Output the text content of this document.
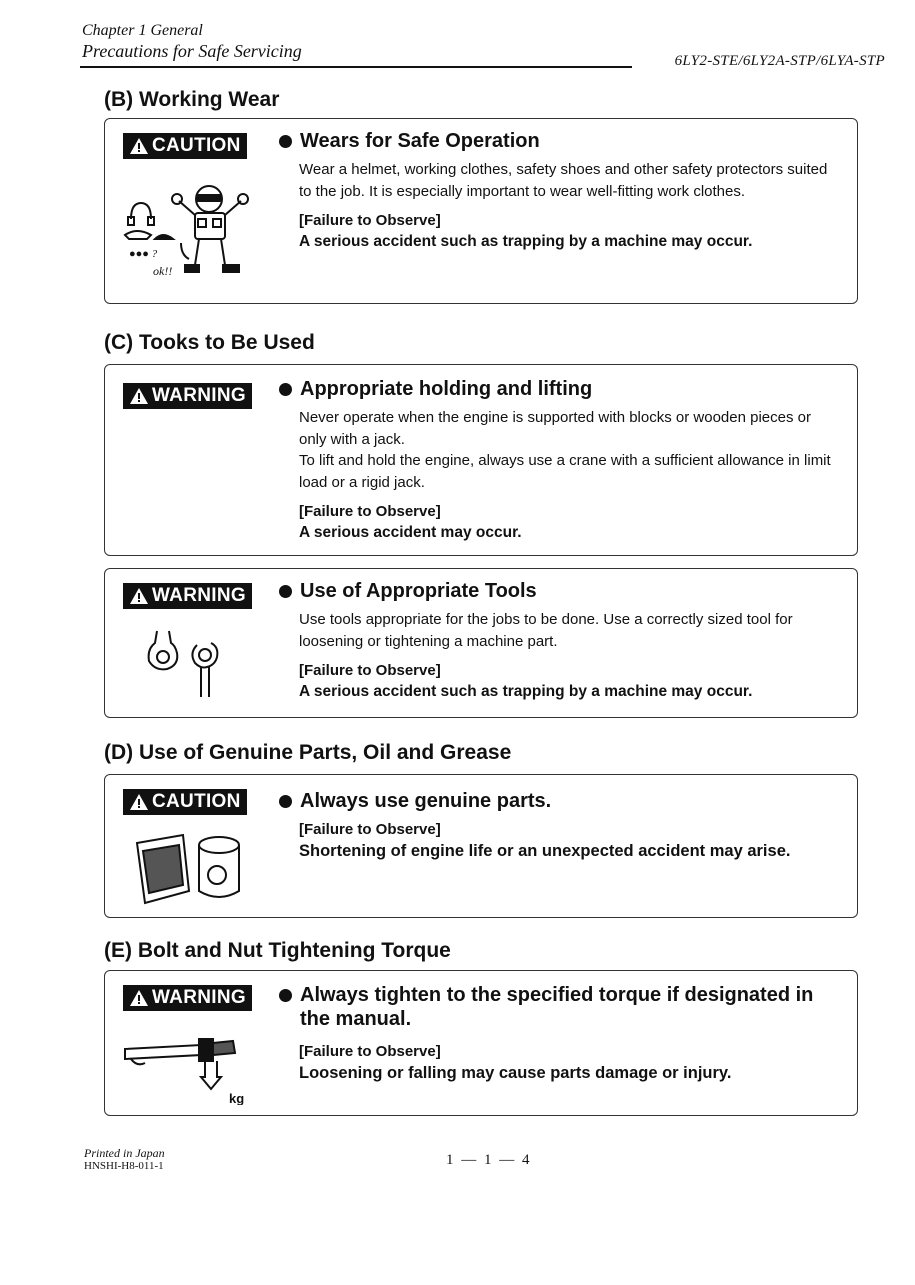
Chapter 1 General
Precautions for Safe Servicing	6LY2-STE/6LY2A-STP/6LYA-STP
(B) Working Wear
CAUTION
●●● ?​
ok!!
Wears for Safe Operation
Wear a helmet, working clothes, safety shoes and other safety protectors suited to the job. It is especially important to wear well-fitting work clothes.
[Failure to Observe]
A serious accident such as trapping by a machine may occur.
(C) Tooks to Be Used
WARNING	Appropriate holding and lifting
Never operate when the engine is supported with blocks or wooden pieces or only with a jack.
To lift and hold the engine, always use a crane with a sufficient allowance in limit load or a rigid jack.
[Failure to Observe]
A serious accident may occur.
WARNING	Use of Appropriate Tools
Use tools appropriate for the jobs to be done. Use a correctly sized tool for loosening or tightening a machine part.
[Failure to Observe]
A serious accident such as trapping by a machine may occur.
(D) Use of Genuine Parts, Oil and Grease
CAUTION	Always use genuine parts.
[Failure to Observe]
Shortening of engine life or an unexpected accident may arise.
(E) Bolt and Nut Tightening Torque
WARNING
kg
Always tighten to the specified torque if designated in the manual.
[Failure to Observe]
Loosening or falling may cause parts damage or injury.
Printed in Japan
HNSHI-H8-011-1	1 — 1 — 4
